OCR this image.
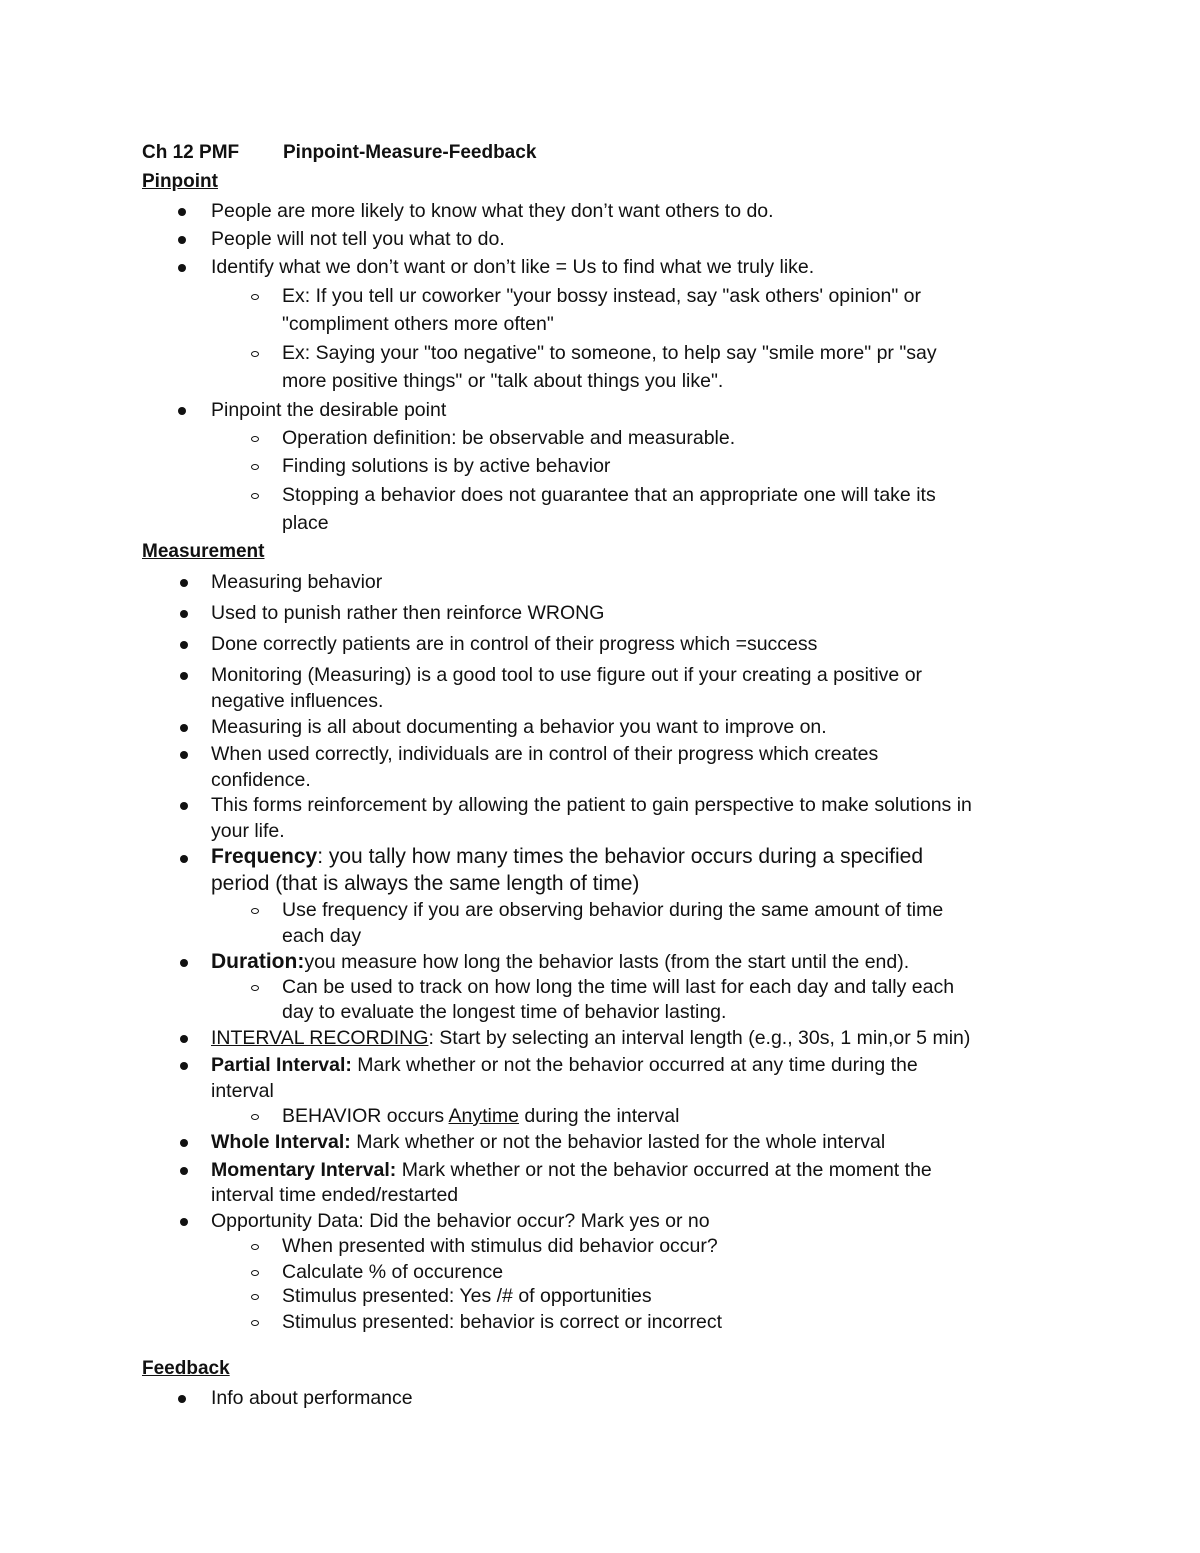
Ch 12 PMF Pinpoint-Measure-Feedback
Pinpoint
People are more likely to know what they don’t want others to do.
People will not tell you what to do.
Identify what we don’t want or don’t like = Us to find what we truly like.
Ex: If you tell ur coworker "your bossy instead, say "ask others' opinion" or
"compliment others more often"
Ex: Saying your "too negative" to someone, to help say "smile more" pr "say
more positive things" or "talk about things you like".
Pinpoint the desirable point
Operation definition: be observable and measurable.
Finding solutions is by active behavior
Stopping a behavior does not guarantee that an appropriate one will take its
place
Measurement
Measuring behavior
Used to punish rather then reinforce WRONG
Done correctly patients are in control of their progress which =success
Monitoring (Measuring) is a good tool to use figure out if your creating a positive or
negative influences.
Measuring is all about documenting a behavior you want to improve on.
When used correctly, individuals are in control of their progress which creates
confidence.
This forms reinforcement by allowing the patient to gain perspective to make solutions in
your life.
Frequency: you tally how many times the behavior occurs during a specified
period (that is always the same length of time)
Use frequency if you are observing behavior during the same amount of time
each day
Duration:you measure how long the behavior lasts (from the start until the end).
Can be used to track on how long the time will last for each day and tally each
day to evaluate the longest time of behavior lasting.
INTERVAL RECORDING: Start by selecting an interval length (e.g., 30s, 1 min,or 5 min)
Partial Interval: Mark whether or not the behavior occurred at any time during the
interval
BEHAVIOR occurs Anytime during the interval
Whole Interval: Mark whether or not the behavior lasted for the whole interval
Momentary Interval: Mark whether or not the behavior occurred at the moment the
interval time ended/restarted
Opportunity Data: Did the behavior occur? Mark yes or no
When presented with stimulus did behavior occur?
Calculate % of occurence
Stimulus presented: Yes /# of opportunities
Stimulus presented: behavior is correct or incorrect
Feedback
Info about performance
